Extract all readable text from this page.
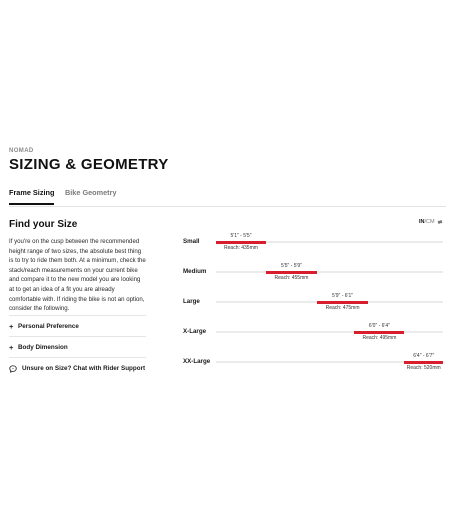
NOMAD
SIZING & GEOMETRY
Frame Sizing Bike Geometry
Find your Size

If you're on the cusp between the recommended height range of two sizes, the absolute best thing is to try to ride them both. At a minimum, check the stack/reach measurements on your current bike and compare it to the new model you are looking at to get an idea of a fit you are already comfortable with. If riding the bike is not an option, consider the following.

+ Personal Preference
+ Body Dimension
Unsure on Size? Chat with Rider Support
IN / CM
Small
5'1" - 5'5"
Reach: 435mm
Medium
5'5" - 5'9"
Reach: 455mm
Large
5'9" - 6'1"
Reach: 475mm
X-Large
6'0" - 6'4"
Reach: 495mm
XX-Large
6'4" - 6'7"
Reach: 520mm
